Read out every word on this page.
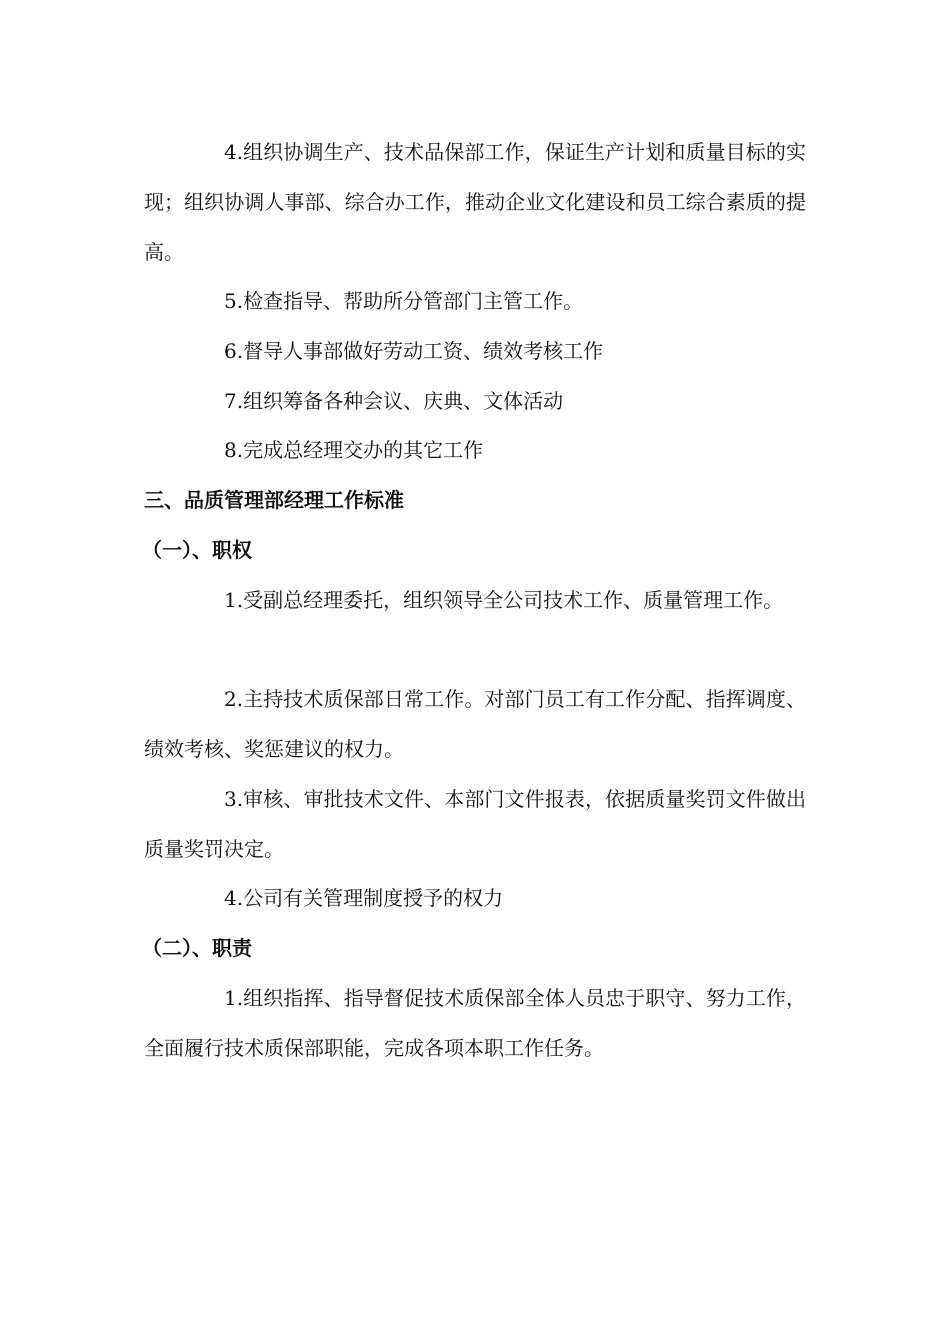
4.组织协调生产、技术品保部工作，保证生产计划和质量目标的实现；组织协调人事部、综合办工作，推动企业文化建设和员工综合素质的提高。

5.检查指导、帮助所分管部门主管工作。

6.督导人事部做好劳动工资、绩效考核工作

7.组织筹备各种会议、庆典、文体活动

8.完成总经理交办的其它工作

三、品质管理部经理工作标准

（一）、职权

1.受副总经理委托，组织领导全公司技术工作、质量管理工作。

2.主持技术质保部日常工作。对部门员工有工作分配、指挥调度、绩效考核、奖惩建议的权力。

3.审核、审批技术文件、本部门文件报表，依据质量奖罚文件做出质量奖罚决定。

4.公司有关管理制度授予的权力

（二）、职责

1.组织指挥、指导督促技术质保部全体人员忠于职守、努力工作，全面履行技术质保部职能，完成各项本职工作任务。
